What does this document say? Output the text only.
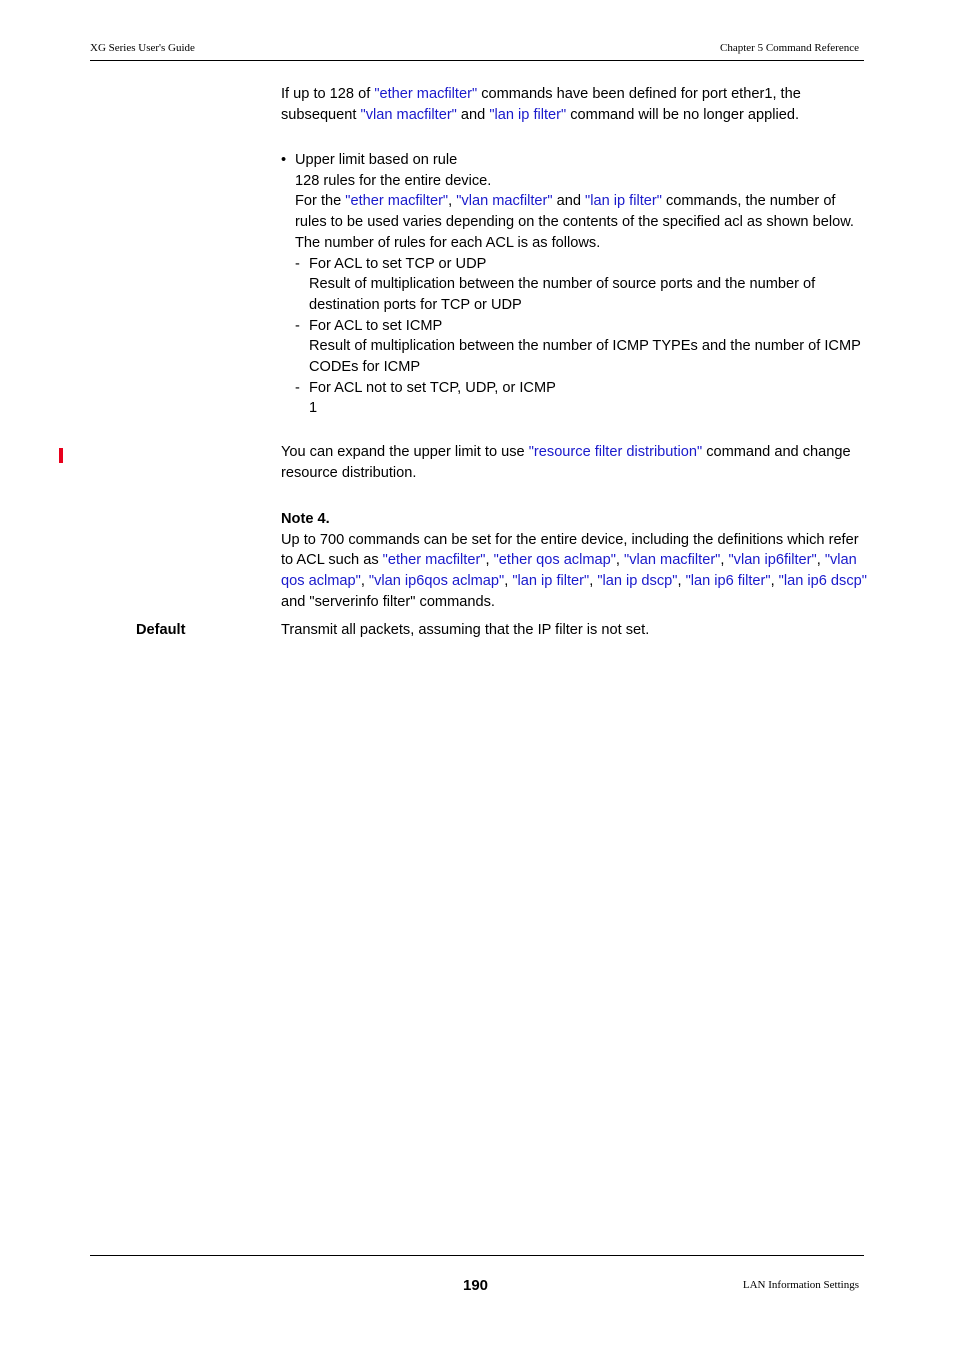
XG Series User's Guide	Chapter 5 Command Reference
If up to 128 of "ether macfilter" commands have been defined for port ether1, the subsequent "vlan macfilter" and "lan ip filter" command will be no longer applied.
• Upper limit based on rule
128 rules for the entire device.
For the "ether macfilter", "vlan macfilter" and "lan ip filter" commands, the number of rules to be used varies depending on the contents of the specified acl as shown below.
The number of rules for each ACL is as follows.
- For ACL to set TCP or UDP
Result of multiplication between the number of source ports and the number of destination ports for TCP or UDP
- For ACL to set ICMP
Result of multiplication between the number of ICMP TYPEs and the number of ICMP CODEs for ICMP
- For ACL not to set TCP, UDP, or ICMP
1
You can expand the upper limit to use "resource filter distribution" command and change resource distribution.
Note 4.
Up to 700 commands can be set for the entire device, including the definitions which refer to ACL such as "ether macfilter", "ether qos aclmap", "vlan macfilter", "vlan ip6filter", "vlan qos aclmap", "vlan ip6qos aclmap", "lan ip filter", "lan ip dscp", "lan ip6 filter", "lan ip6 dscp" and "serverinfo filter" commands.
Default	Transmit all packets, assuming that the IP filter is not set.
190	LAN Information Settings
